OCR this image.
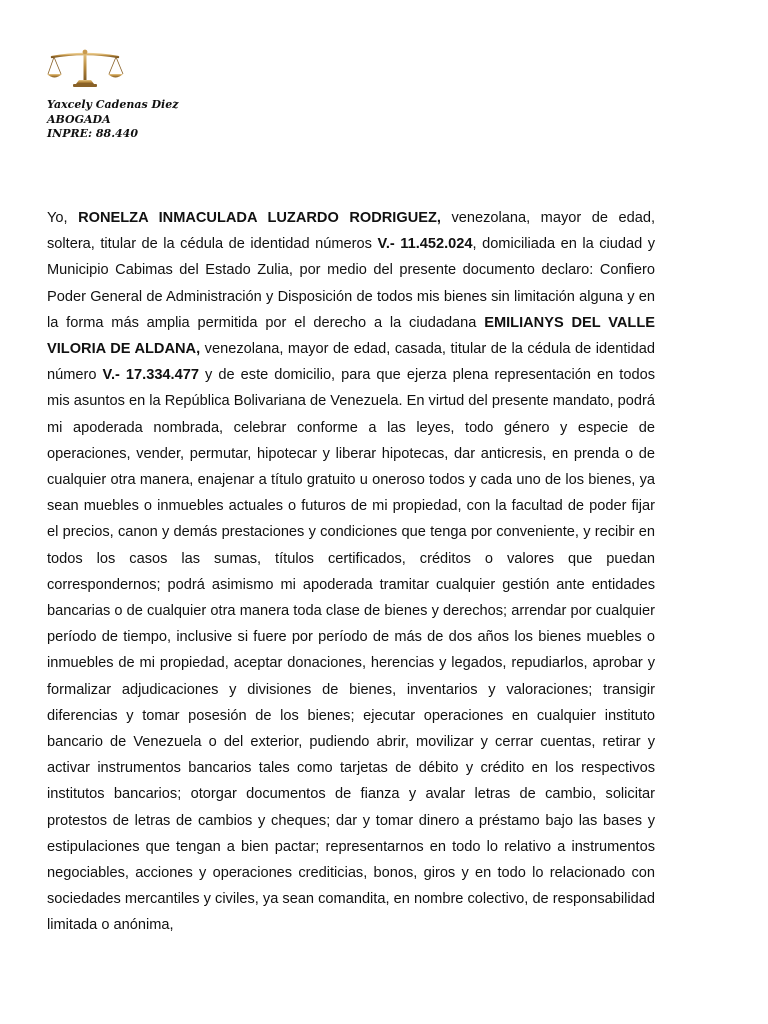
Yaxcely Cadenas Diez
ABOGADA
INPRE: 88.440
Yo, RONELZA INMACULADA LUZARDO RODRIGUEZ, venezolana, mayor de edad, soltera, titular de la cédula de identidad números V.- 11.452.024, domiciliada en la ciudad y Municipio Cabimas del Estado Zulia, por medio del presente documento declaro: Confiero Poder General de Administración y Disposición de todos mis bienes sin limitación alguna y en la forma más amplia permitida por el derecho a la ciudadana EMILIANYS DEL VALLE VILORIA DE ALDANA, venezolana, mayor de edad, casada, titular de la cédula de identidad número V.- 17.334.477 y de este domicilio, para que ejerza plena representación en todos mis asuntos en la República Bolivariana de Venezuela. En virtud del presente mandato, podrá mi apoderada nombrada, celebrar conforme a las leyes, todo género y especie de operaciones, vender, permutar, hipotecar y liberar hipotecas, dar anticresis, en prenda o de cualquier otra manera, enajenar a título gratuito u oneroso todos y cada uno de los bienes, ya sean muebles o inmuebles actuales o futuros de mi propiedad, con la facultad de poder fijar el precios, canon y demás prestaciones y condiciones que tenga por conveniente, y recibir en todos los casos las sumas, títulos certificados, créditos o valores que puedan correspondernos; podrá asimismo mi apoderada tramitar cualquier gestión ante entidades bancarias o de cualquier otra manera toda clase de bienes y derechos; arrendar por cualquier período de tiempo, inclusive si fuere por período de más de dos años los bienes muebles o inmuebles de mi propiedad, aceptar donaciones, herencias y legados, repudiarlos, aprobar y formalizar adjudicaciones y divisiones de bienes, inventarios y valoraciones; transigir diferencias y tomar posesión de los bienes; ejecutar operaciones en cualquier instituto bancario de Venezuela o del exterior, pudiendo abrir, movilizar y cerrar cuentas, retirar y activar instrumentos bancarios tales como tarjetas de débito y crédito en los respectivos institutos bancarios; otorgar documentos de fianza y avalar letras de cambio, solicitar protestos de letras de cambios y cheques; dar y tomar dinero a préstamo bajo las bases y estipulaciones que tengan a bien pactar; representarnos en todo lo relativo a instrumentos negociables, acciones y operaciones crediticias, bonos, giros y en todo lo relacionado con sociedades mercantiles y civiles, ya sean comandita, en nombre colectivo, de responsabilidad limitada o anónima,
